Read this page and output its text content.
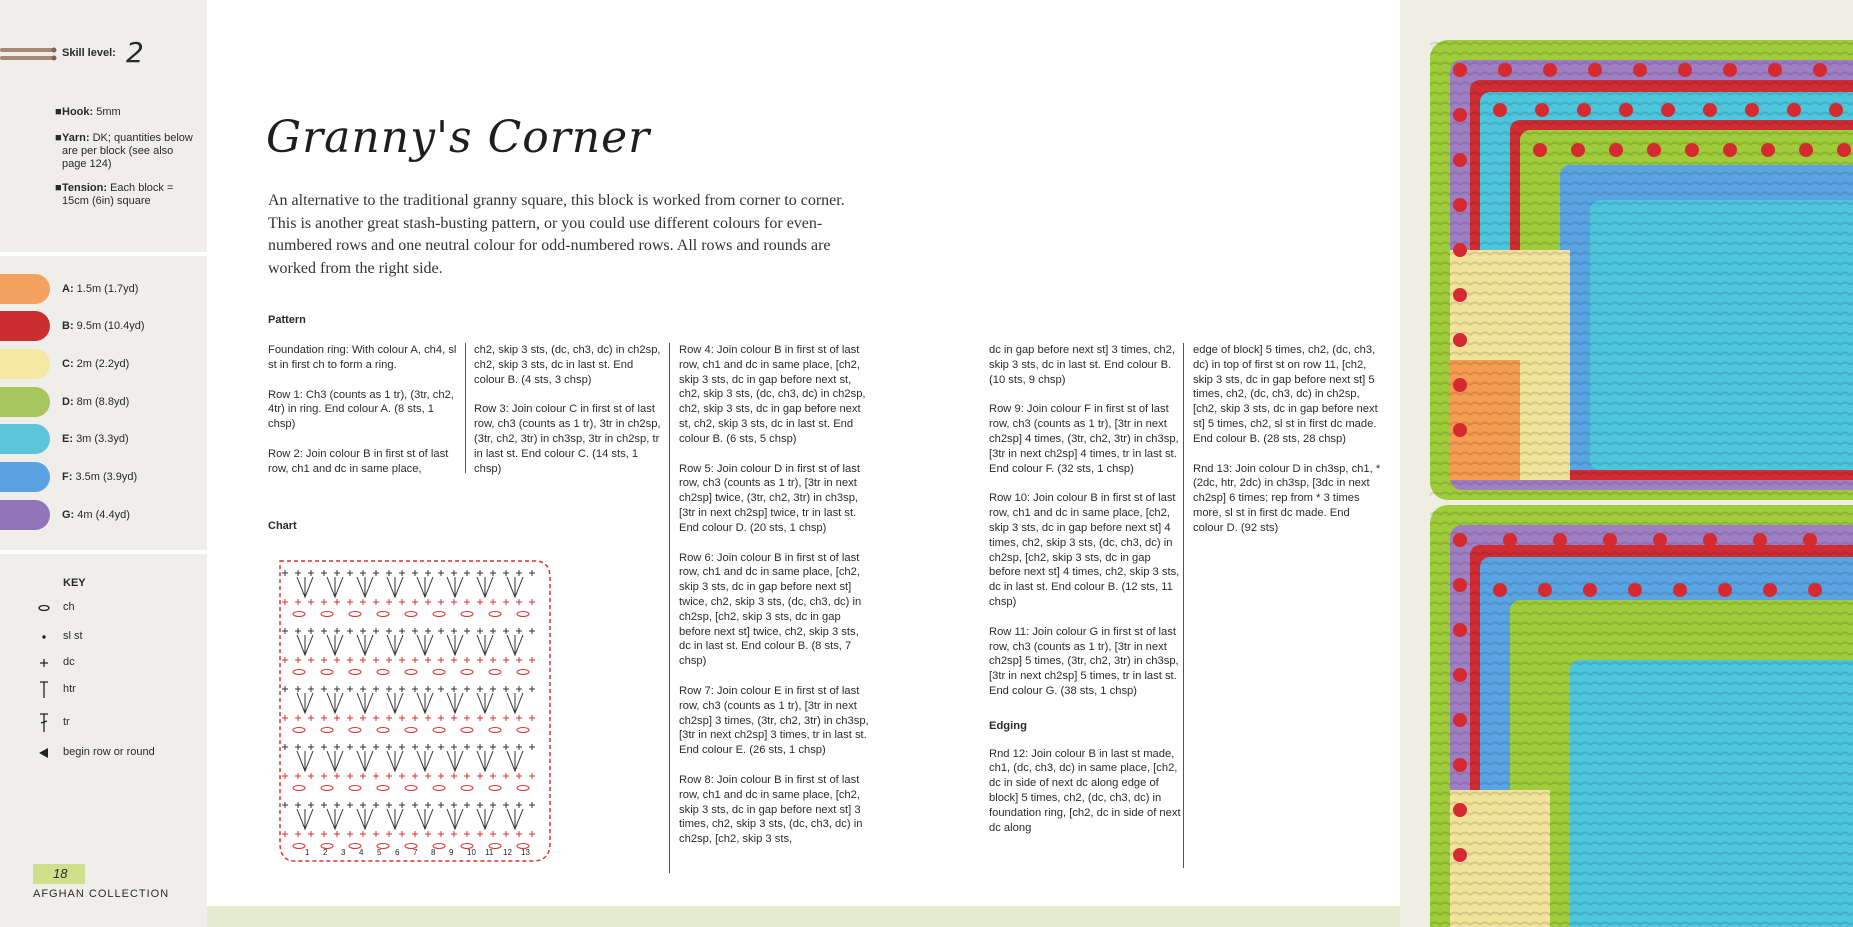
Skill level: 2
■ Hook: 5mm
■ Yarn: DK; quantities below are per block (see also page 124)
■ Tension: Each block = 15cm (6in) square
A: 1.5m (1.7yd)
B: 9.5m (10.4yd)
C: 2m (2.2yd)
D: 8m (8.8yd)
E: 3m (3.3yd)
F: 3.5m (3.9yd)
G: 4m (4.4yd)
KEY
ch
sl st
dc
htr
tr
begin row or round
18
AFGHAN COLLECTION
Granny's Corner
An alternative to the traditional granny square, this block is worked from corner to corner. This is another great stash-busting pattern, or you could use different colours for even-numbered rows and one neutral colour for odd-numbered rows. All rows and rounds are worked from the right side.
Pattern

Foundation ring: With colour A, ch4, sl st in first ch to form a ring.

Row 1: Ch3 (counts as 1 tr), (3tr, ch2, 4tr) in ring. End colour A. (8 sts, 1 chsp)

Row 2: Join colour B in first st of last row, ch1 and dc in same place,

ch2, skip 3 sts, (dc, ch3, dc) in ch2sp, ch2, skip 3 sts, dc in last st. End colour B. (4 sts, 3 chsp)

Row 3: Join colour C in first st of last row, ch3 (counts as 1 tr), 3tr in ch2sp, (3tr, ch2, 3tr) in ch3sp, 3tr in ch2sp, tr in last st. End colour C. (14 sts, 1 chsp)

Row 4: Join colour B in first st of last row, ch1 and dc in same place, [ch2, skip 3 sts, dc in gap before next st, ch2, skip 3 sts, (dc, ch3, dc) in ch2sp, ch2, skip 3 sts, dc in gap before next st, ch2, skip 3 sts, dc in last st. End colour B. (6 sts, 5 chsp)

Row 5: Join colour D in first st of last row, ch3 (counts as 1 tr), [3tr in next ch2sp] twice, (3tr, ch2, 3tr) in ch3sp, [3tr in next ch2sp] twice, tr in last st. End colour D. (20 sts, 1 chsp)

Row 6: Join colour B in first st of last row, ch1 and dc in same place, [ch2, skip 3 sts, dc in gap before next st] twice, ch2, skip 3 sts, (dc, ch3, dc) in ch2sp, [ch2, skip 3 sts, dc in gap before next st] twice, ch2, skip 3 sts, dc in last st. End colour B. (8 sts, 7 chsp)

Row 7: Join colour E in first st of last row, ch3 (counts as 1 tr), [3tr in next ch2sp] 3 times, (3tr, ch2, 3tr) in ch3sp, [3tr in next ch2sp] 3 times, tr in last st. End colour E. (26 sts, 1 chsp)

Row 8: Join colour B in first st of last row, ch1 and dc in same place, [ch2, skip 3 sts, dc in gap before next st] 3 times, ch2, skip 3 sts, (dc, ch3, dc) in ch2sp, [ch2, skip 3 sts,

dc in gap before next st] 3 times, ch2, skip 3 sts, dc in last st. End colour B. (10 sts, 9 chsp)

Row 9: Join colour F in first st of last row, ch3 (counts as 1 tr), [3tr in next ch2sp] 4 times, (3tr, ch2, 3tr) in ch3sp, [3tr in next ch2sp] 4 times, tr in last st. End colour F. (32 sts, 1 chsp)

Row 10: Join colour B in first st of last row, ch1 and dc in same place, [ch2, skip 3 sts, dc in gap before next st] 4 times, ch2, skip 3 sts, (dc, ch3, dc) in ch2sp, [ch2, skip 3 sts, dc in gap before next st] 4 times, ch2, skip 3 sts, dc in last st. End colour B. (12 sts, 11 chsp)

Row 11: Join colour G in first st of last row, ch3 (counts as 1 tr), [3tr in next ch2sp] 5 times, (3tr, ch2, 3tr) in ch3sp, [3tr in next ch2sp] 5 times, tr in last st. End colour G. (38 sts, 1 chsp)

Edging

Rnd 12: Join colour B in last st made, ch1, (dc, ch3, dc) in same place, [ch2, dc in side of next dc along edge of block] 5 times, ch2, (dc, ch3, dc) in foundation ring, [ch2, dc in side of next dc along

edge of block] 5 times, ch2, (dc, ch3, dc) in top of first st on row 11, [ch2, skip 3 sts, dc in gap before next st] 5 times, ch2, (dc, ch3, dc) in ch2sp, [ch2, skip 3 sts, dc in gap before next st] 5 times, ch2, sl st in first dc made. End colour B. (28 sts, 28 chsp)

Rnd 13: Join colour D in ch3sp, ch1, *(2dc, htr, 2dc) in ch3sp, [3dc in next ch2sp] 6 times; rep from * 3 times more, sl st in first dc made. End colour D. (92 sts)

Chart
1 2 3 4 5 6 7 8 9 10 11 12 13
